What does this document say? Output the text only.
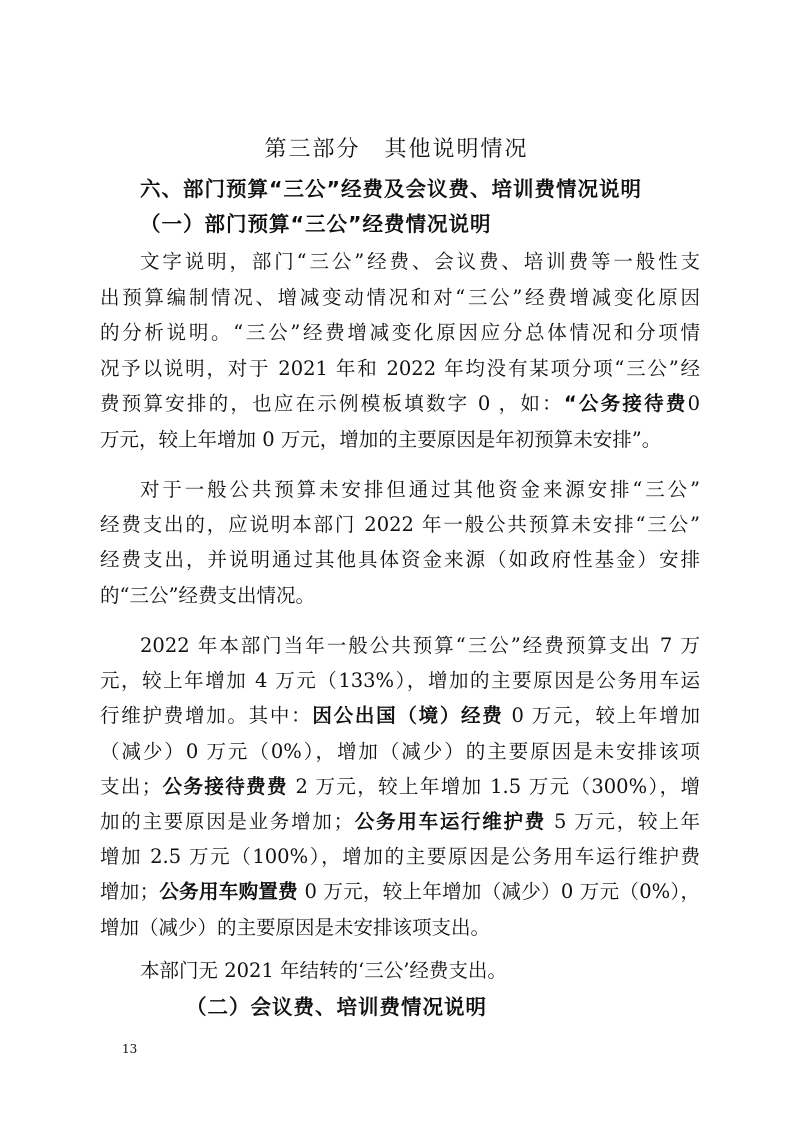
第三部分　其他说明情况
六、部门预算“三公”经费及会议费、培训费情况说明
（一）部门预算“三公”经费情况说明
文字说明，部门“三公”经费、会议费、培训费等一般性支
出预算编制情况、增减变动情况和对“三公”经费增减变化原因
的分析说明。“三公”经费增减变化原因应分总体情况和分项情
况予以说明，对于 2021 年和 2022 年均没有某项分项“三公”经
费预算安排的，也应在示例模板填数字 0 ，如：“公务接待费0
万元，较上年增加 0 万元，增加的主要原因是年初预算未安排”。
对于一般公共预算未安排但通过其他资金来源安排“三公”
经费支出的，应说明本部门 2022 年一般公共预算未安排“三公”
经费支出，并说明通过其他具体资金来源（如政府性基金）安排
的“三公”经费支出情况。
2022 年本部门当年一般公共预算“三公”经费预算支出 7 万
元，较上年增加 4 万元（133%），增加的主要原因是公务用车运
行维护费增加。其中：因公出国（境）经费 0 万元，较上年增加
（减少）0 万元（0%），增加（减少）的主要原因是未安排该项
支出；公务接待费费 2 万元，较上年增加 1.5 万元（300%），增
加的主要原因是业务增加；公务用车运行维护费 5 万元，较上年
增加 2.5 万元（100%），增加的主要原因是公务用车运行维护费
增加；公务用车购置费 0 万元，较上年增加（减少）0 万元（0%），
增加（减少）的主要原因是未安排该项支出。
本部门无 2021 年结转的‘三公’经费支出。
（二）会议费、培训费情况说明
13
